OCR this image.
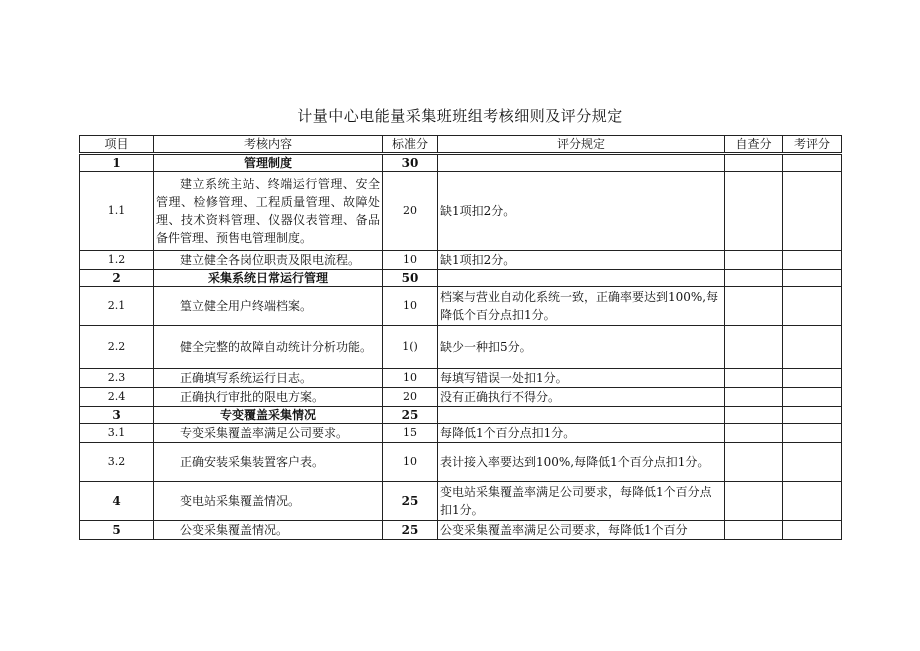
计量中心电能量采集班班组考核细则及评分规定
项目	考核内容	标准分	评分规定	自查分	考评分
1	管理制度	30			
1.1	建立系统主站、终端运行管理、安全管理、检修管理、工程质量管理、故障处理、技术资料管理、仪器仪表管理、备品备件管理、预售电管理制度。	20	缺1项扣2分。		
1.2	建立健全各岗位职责及限电流程。	10	缺1项扣2分。		
2	采集系统日常运行管理	50			
2.1	篁立健全用户终端档案。	10	档案与营业自动化系统一致，正确率要达到100%,每降低个百分点扣1分。		
2.2	健全完整的故障自动统计分析功能。	1()	缺少一种扣5分。		
2.3	正确填写系统运行日志。	10	每填写错误一处扣1分。		
2.4	正确执行审批的限电方案。	20	没有正确执行不得分。		
3	专变覆盖采集情况	25			
3.1	专变采集覆盖率满足公司要求。	15	每降低1个百分点扣1分。		
3.2	正确安装采集装置客户表。	10	表计接入率要达到100%,每降低1个百分点扣1分。		
4	变电站采集覆盖情况。	25	变电站采集覆盖率满足公司要求，每降低1个百分点扣1分。		
5	公变采集覆盖情况。	25	公变采集覆盖率满足公司要求，每降低1个百分		
